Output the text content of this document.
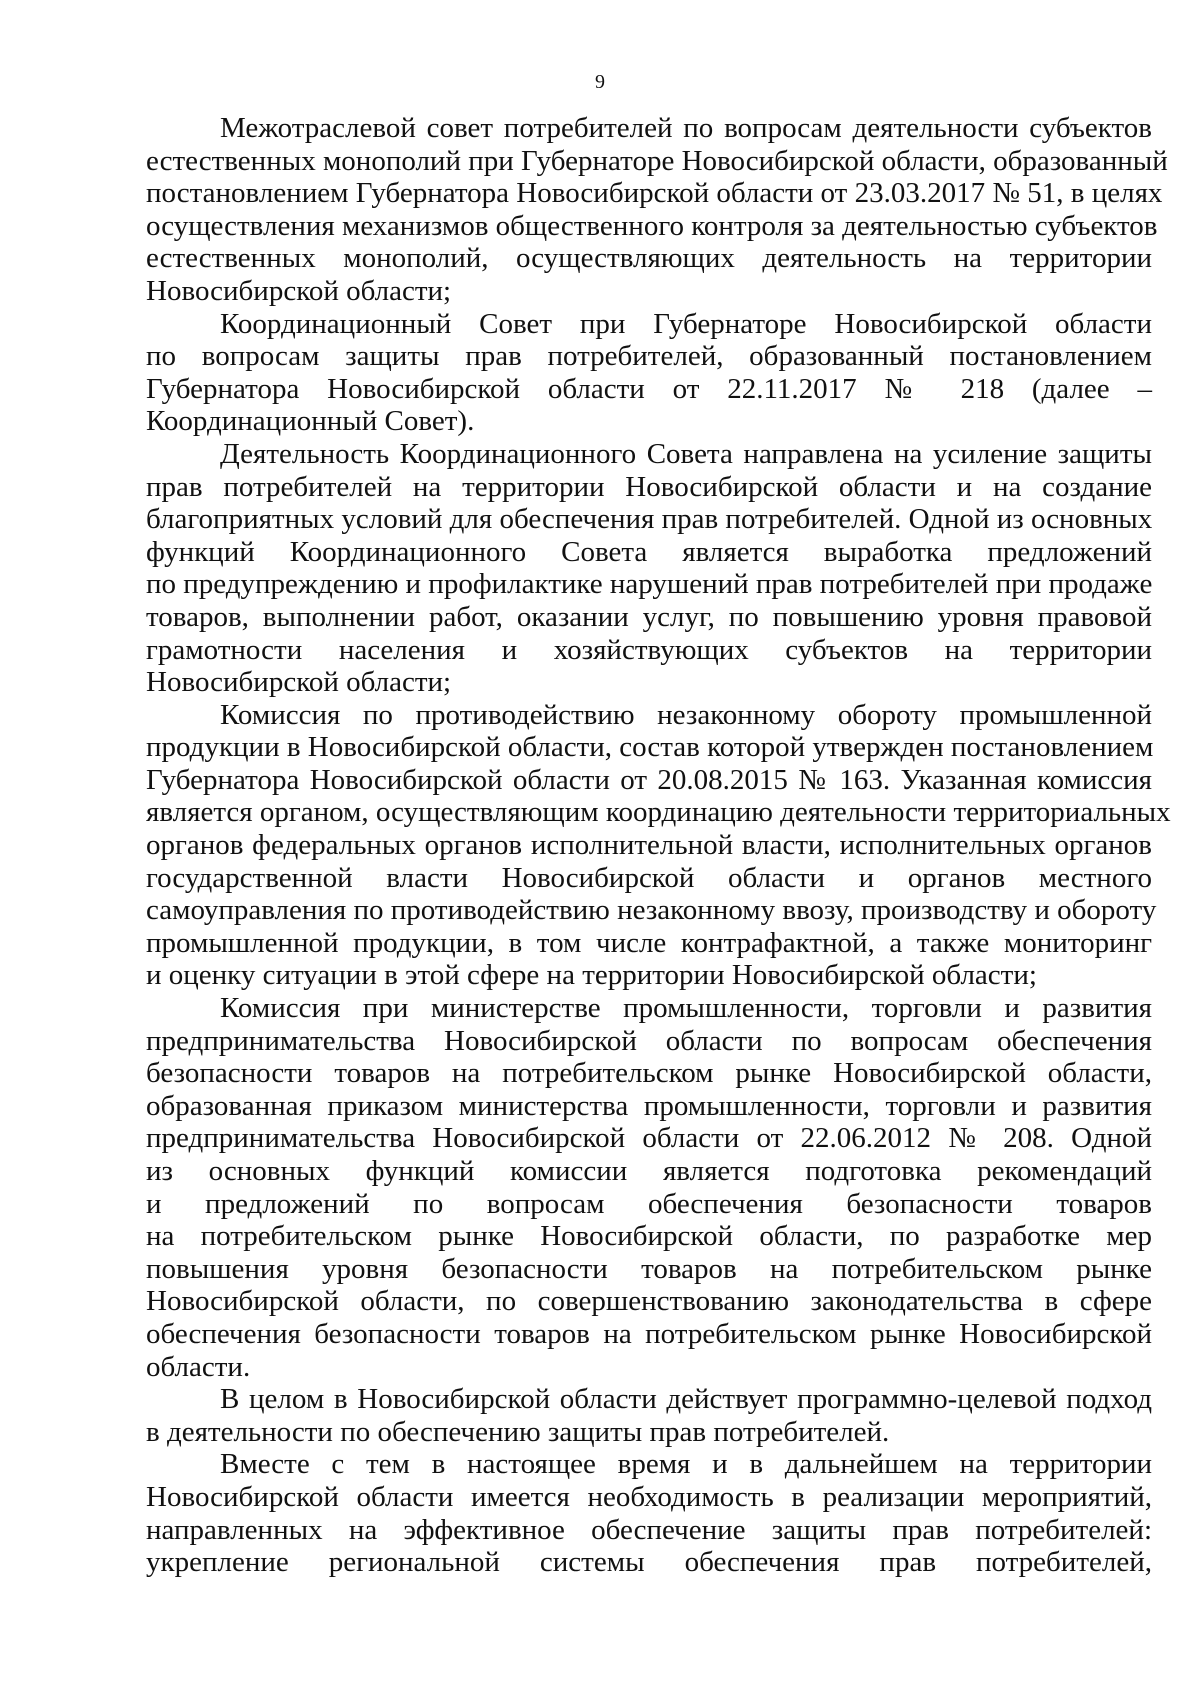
9
Межотраслевой совет потребителей по вопросам деятельности субъектов
естественных монополий при Губернаторе Новосибирской области, образованный
постановлением Губернатора Новосибирской области от 23.03.2017 № 51, в целях
осуществления механизмов общественного контроля за деятельностью субъектов
естественных монополий, осуществляющих деятельность на территории
Новосибирской области;
Координационный Совет при Губернаторе Новосибирской области
по вопросам защиты прав потребителей, образованный постановлением
Губернатора Новосибирской области от 22.11.2017 № 218 (далее –
Координационный Совет).
Деятельность Координационного Совета направлена на усиление защиты
прав потребителей на территории Новосибирской области и на создание
благоприятных условий для обеспечения прав потребителей. Одной из основных
функций Координационного Совета является выработка предложений
по предупреждению и профилактике нарушений прав потребителей при продаже
товаров, выполнении работ, оказании услуг, по повышению уровня правовой
грамотности населения и хозяйствующих субъектов на территории
Новосибирской области;
Комиссия по противодействию незаконному обороту промышленной
продукции в Новосибирской области, состав которой утвержден постановлением
Губернатора Новосибирской области от 20.08.2015 № 163. Указанная комиссия
является органом, осуществляющим координацию деятельности территориальных
органов федеральных органов исполнительной власти, исполнительных органов
государственной власти Новосибирской области и органов местного
самоуправления по противодействию незаконному ввозу, производству и обороту
промышленной продукции, в том числе контрафактной, а также мониторинг
и оценку ситуации в этой сфере на территории Новосибирской области;
Комиссия при министерстве промышленности, торговли и развития
предпринимательства Новосибирской области по вопросам обеспечения
безопасности товаров на потребительском рынке Новосибирской области,
образованная приказом министерства промышленности, торговли и развития
предпринимательства Новосибирской области от 22.06.2012 № 208. Одной
из основных функций комиссии является подготовка рекомендаций
и предложений по вопросам обеспечения безопасности товаров
на потребительском рынке Новосибирской области, по разработке мер
повышения уровня безопасности товаров на потребительском рынке
Новосибирской области, по совершенствованию законодательства в сфере
обеспечения безопасности товаров на потребительском рынке Новосибирской
области.
В целом в Новосибирской области действует программно-целевой подход
в деятельности по обеспечению защиты прав потребителей.
Вместе с тем в настоящее время и в дальнейшем на территории
Новосибирской области имеется необходимость в реализации мероприятий,
направленных на эффективное обеспечение защиты прав потребителей:
укрепление региональной системы обеспечения прав потребителей,
